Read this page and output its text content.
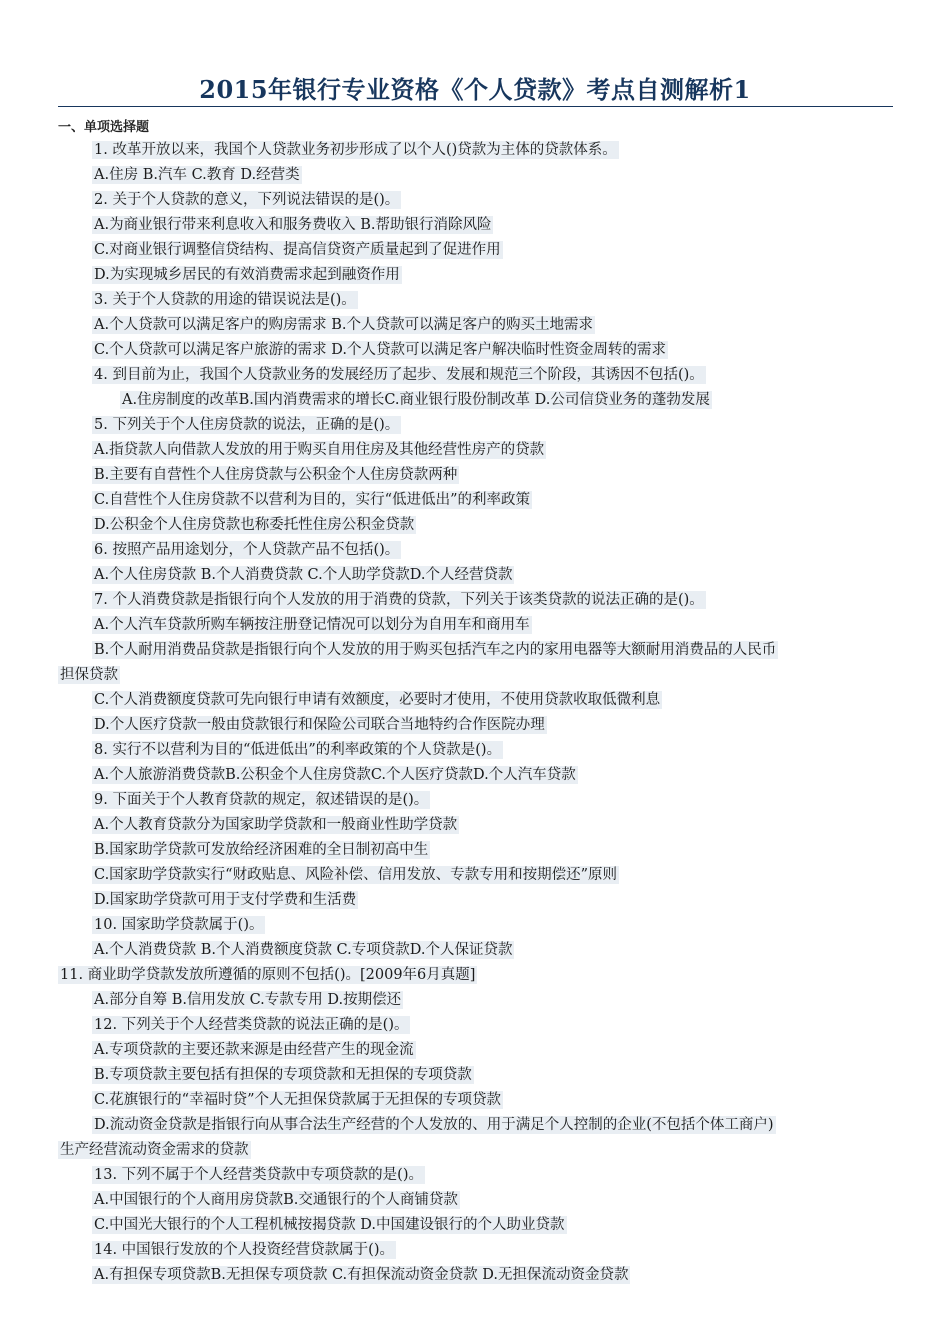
2015年银行专业资格《个人贷款》考点自测解析1
一、单项选择题
1. 改革开放以来，我国个人贷款业务初步形成了以个人()贷款为主体的贷款体系。
A.住房 B.汽车 C.教育 D.经营类
2. 关于个人贷款的意义，下列说法错误的是()。
A.为商业银行带来利息收入和服务费收入 B.帮助银行消除风险
C.对商业银行调整信贷结构、提高信贷资产质量起到了促进作用
D.为实现城乡居民的有效消费需求起到融资作用
3. 关于个人贷款的用途的错误说法是()。
A.个人贷款可以满足客户的购房需求 B.个人贷款可以满足客户的购买土地需求
C.个人贷款可以满足客户旅游的需求 D.个人贷款可以满足客户解决临时性资金周转的需求
4. 到目前为止，我国个人贷款业务的发展经历了起步、发展和规范三个阶段，其诱因不包括()。
A.住房制度的改革B.国内消费需求的增长C.商业银行股份制改革 D.公司信贷业务的蓬勃发展
5. 下列关于个人住房贷款的说法，正确的是()。
A.指贷款人向借款人发放的用于购买自用住房及其他经营性房产的贷款
B.主要有自营性个人住房贷款与公积金个人住房贷款两种
C.自营性个人住房贷款不以营利为目的，实行“低进低出”的利率政策
D.公积金个人住房贷款也称委托性住房公积金贷款
6. 按照产品用途划分，个人贷款产品不包括()。
A.个人住房贷款 B.个人消费贷款 C.个人助学贷款D.个人经营贷款
7. 个人消费贷款是指银行向个人发放的用于消费的贷款，下列关于该类贷款的说法正确的是()。
A.个人汽车贷款所购车辆按注册登记情况可以划分为自用车和商用车
B.个人耐用消费品贷款是指银行向个人发放的用于购买包括汽车之内的家用电器等大额耐用消费品的人民币
担保贷款
C.个人消费额度贷款可先向银行申请有效额度，必要时才使用，不使用贷款收取低微利息
D.个人医疗贷款一般由贷款银行和保险公司联合当地特约合作医院办理
8. 实行不以营利为目的“低进低出”的利率政策的个人贷款是()。
A.个人旅游消费贷款B.公积金个人住房贷款C.个人医疗贷款D.个人汽车贷款
9. 下面关于个人教育贷款的规定，叙述错误的是()。
A.个人教育贷款分为国家助学贷款和一般商业性助学贷款
B.国家助学贷款可发放给经济困难的全日制初高中生
C.国家助学贷款实行“财政贴息、风险补偿、信用发放、专款专用和按期偿还”原则
D.国家助学贷款可用于支付学费和生活费
10. 国家助学贷款属于()。
A.个人消费贷款 B.个人消费额度贷款 C.专项贷款D.个人保证贷款
11. 商业助学贷款发放所遵循的原则不包括()。[2009年6月真题]
A.部分自筹 B.信用发放 C.专款专用 D.按期偿还
12. 下列关于个人经营类贷款的说法正确的是()。
A.专项贷款的主要还款来源是由经营产生的现金流
B.专项贷款主要包括有担保的专项贷款和无担保的专项贷款
C.花旗银行的“幸福时贷”个人无担保贷款属于无担保的专项贷款
D.流动资金贷款是指银行向从事合法生产经营的个人发放的、用于满足个人控制的企业(不包括个体工商户)
生产经营流动资金需求的贷款
13. 下列不属于个人经营类贷款中专项贷款的是()。
A.中国银行的个人商用房贷款B.交通银行的个人商铺贷款
C.中国光大银行的个人工程机械按揭贷款 D.中国建设银行的个人助业贷款
14. 中国银行发放的个人投资经营贷款属于()。
A.有担保专项贷款B.无担保专项贷款 C.有担保流动资金贷款 D.无担保流动资金贷款
